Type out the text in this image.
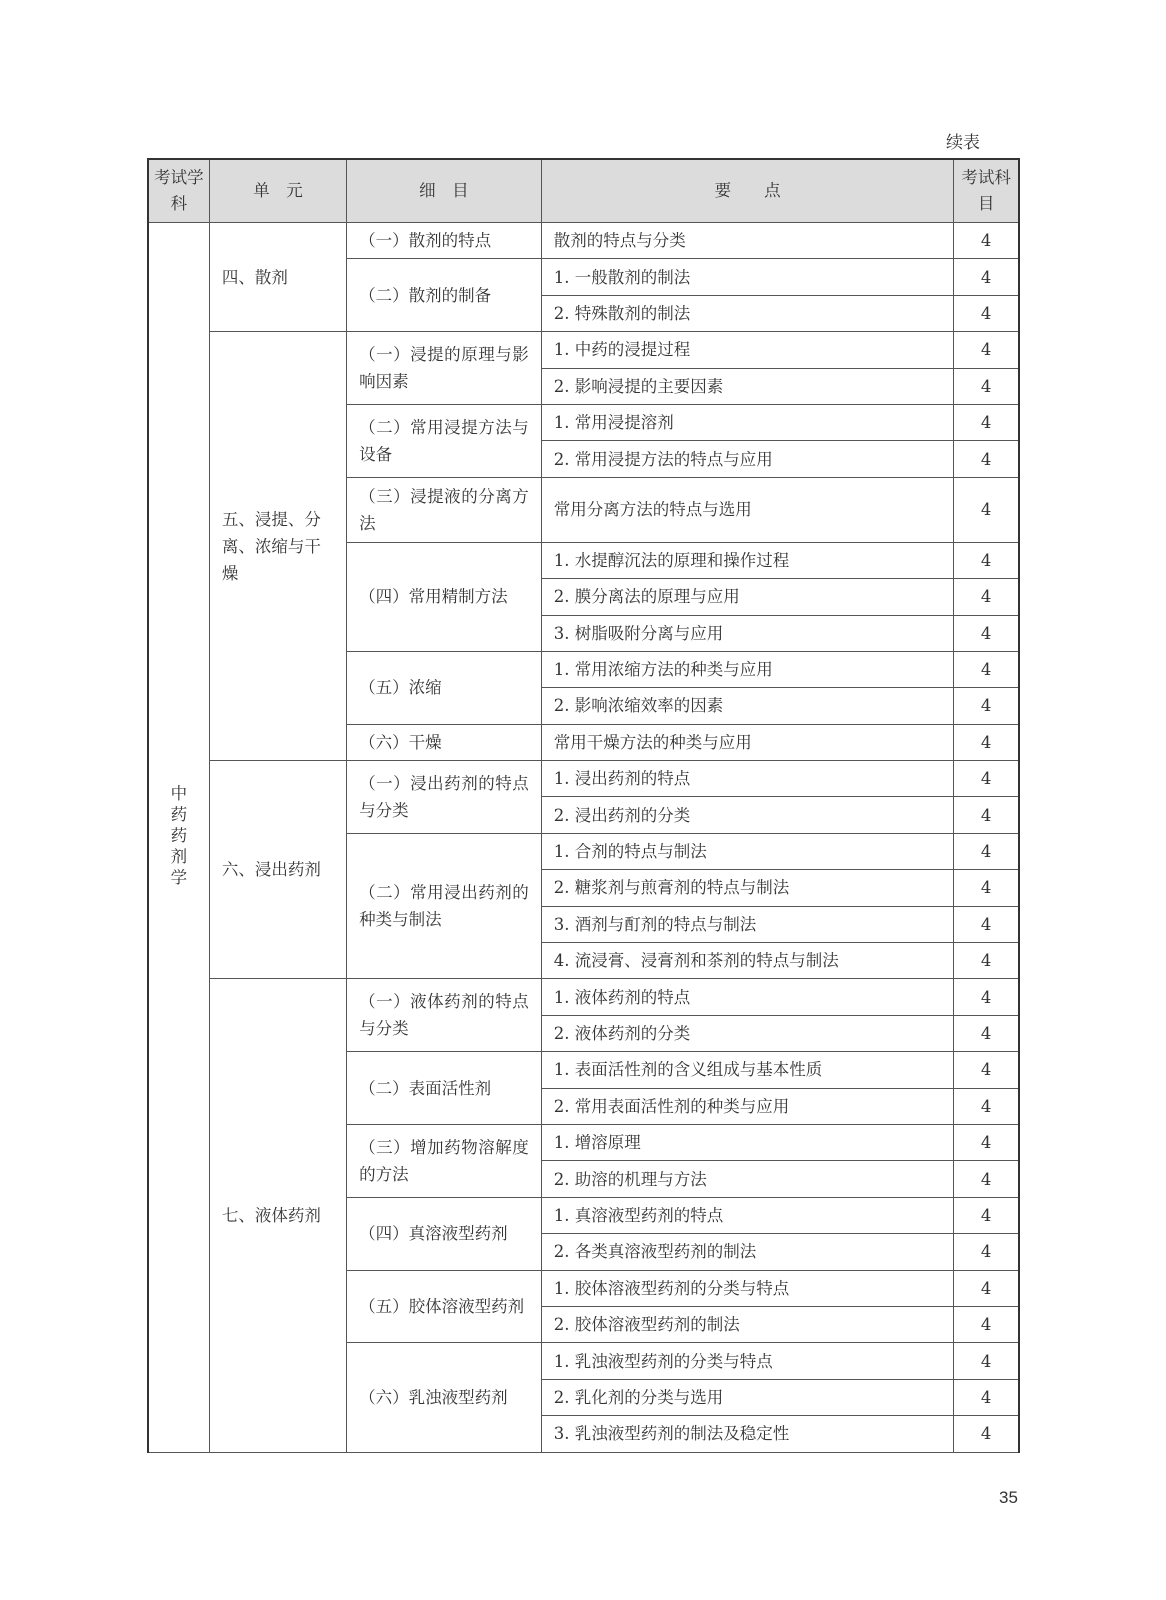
续表
考试学科	单　元	细　目	要　　点	考试科目
中药药剂学	四、散剂	（一）散剂的特点	散剂的特点与分类	4
		（二）散剂的制备	1. 一般散剂的制法	4
			2. 特殊散剂的制法	4
	五、浸提、分离、浓缩与干燥	（一）浸提的原理与影响因素	1. 中药的浸提过程	4
			2. 影响浸提的主要因素	4
		（二）常用浸提方法与设备	1. 常用浸提溶剂	4
			2. 常用浸提方法的特点与应用	4
		（三）浸提液的分离方法	常用分离方法的特点与选用	4
		（四）常用精制方法	1. 水提醇沉法的原理和操作过程	4
			2. 膜分离法的原理与应用	4
			3. 树脂吸附分离与应用	4
		（五）浓缩	1. 常用浓缩方法的种类与应用	4
			2. 影响浓缩效率的因素	4
		（六）干燥	常用干燥方法的种类与应用	4
	六、浸出药剂	（一）浸出药剂的特点与分类	1. 浸出药剂的特点	4
			2. 浸出药剂的分类	4
		（二）常用浸出药剂的种类与制法	1. 合剂的特点与制法	4
			2. 糖浆剂与煎膏剂的特点与制法	4
			3. 酒剂与酊剂的特点与制法	4
			4. 流浸膏、浸膏剂和茶剂的特点与制法	4
	七、液体药剂	（一）液体药剂的特点与分类	1. 液体药剂的特点	4
			2. 液体药剂的分类	4
		（二）表面活性剂	1. 表面活性剂的含义组成与基本性质	4
			2. 常用表面活性剂的种类与应用	4
		（三）增加药物溶解度的方法	1. 增溶原理	4
			2. 助溶的机理与方法	4
		（四）真溶液型药剂	1. 真溶液型药剂的特点	4
			2. 各类真溶液型药剂的制法	4
		（五）胶体溶液型药剂	1. 胶体溶液型药剂的分类与特点	4
			2. 胶体溶液型药剂的制法	4
		（六）乳浊液型药剂	1. 乳浊液型药剂的分类与特点	4
			2. 乳化剂的分类与选用	4
			3. 乳浊液型药剂的制法及稳定性	4
35
